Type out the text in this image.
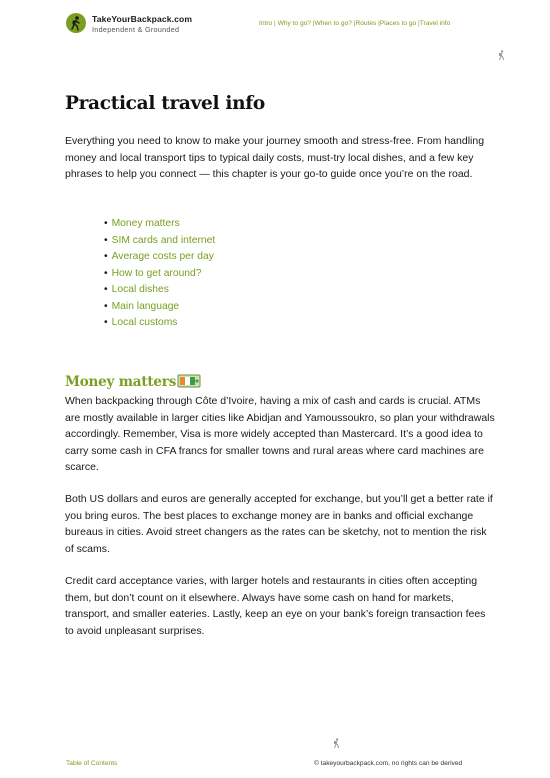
TakeYourBackpack.com
Independent & Grounded
Intro | Why to go? |When to go? |Routes |Places to go |Travel info
Practical travel info

Everything you need to know to make your journey smooth and stress-free. From handling money and local transport tips to typical daily costs, must-try local dishes, and a few key phrases to help you connect — this chapter is your go-to guide once you’re on the road.

• Money matters
• SIM cards and internet
• Average costs per day
• How to get around?
• Local dishes
• Main language
• Local customs
Money matters

When backpacking through Côte d’Ivoire, having a mix of cash and cards is crucial. ATMs are mostly available in larger cities like Abidjan and Yamoussoukro, so plan your withdrawals accordingly. Remember, Visa is more widely accepted than Mastercard. It’s a good idea to carry some cash in CFA francs for smaller towns and rural areas where card machines are scarce.

Both US dollars and euros are generally accepted for exchange, but you’ll get a better rate if you bring euros. The best places to exchange money are in banks and official exchange bureaus in cities. Avoid street changers as the rates can be sketchy, not to mention the risk of scams.

Credit card acceptance varies, with larger hotels and restaurants in cities often accepting them, but don’t count on it elsewhere. Always have some cash on hand for markets, transport, and smaller eateries. Lastly, keep an eye on your bank’s foreign transaction fees to avoid unpleasant surprises.

Table of Contents	© takeyourbackpack.com, no rights can be derived
